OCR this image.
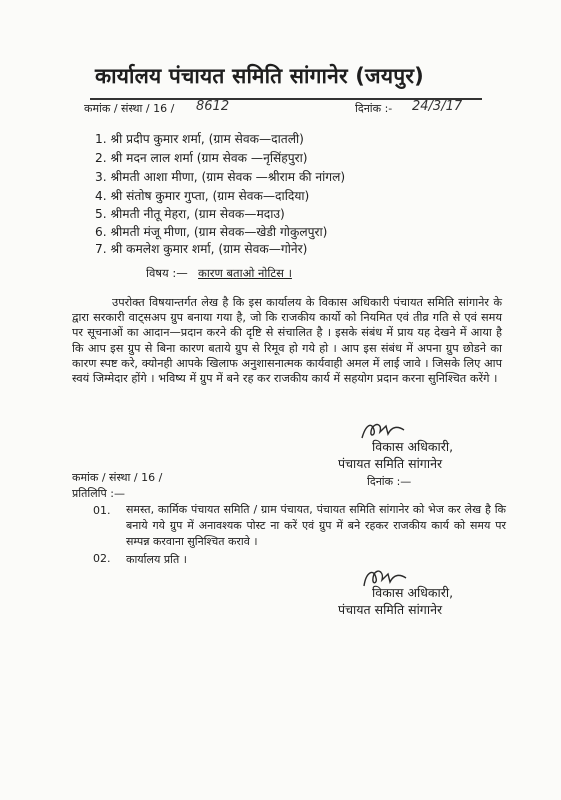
कार्यालय पंचायत समिति सांगानेर (जयपुर)
कमांक / संस्था / 16 / 8612	दिनांक :- 24/3/17
1. श्री प्रदीप कुमार शर्मा, (ग्राम सेवक—दातली)
2. श्री मदन लाल शर्मा (ग्राम सेवक —नृसिंहपुरा)
3. श्रीमती आशा मीणा, (ग्राम सेवक —श्रीराम की नांगल)
4. श्री संतोष कुमार गुप्ता, (ग्राम सेवक—दादिया)
5. श्रीमती नीतू मेहरा, (ग्राम सेवक—मदाउ)
6. श्रीमती मंजू मीणा, (ग्राम सेवक—खेडी गोकुलपुरा)
7. श्री कमलेश कुमार शर्मा, (ग्राम सेवक—गोनेर)
विषय :— कारण बताओ नोटिस ।
उपरोक्त विषयान्तर्गत लेख है कि इस कार्यालय के विकास अधिकारी पंचायत समिति सांगानेर के द्वारा सरकारी वाट्सअप ग्रुप बनाया गया है, जो कि राजकीय कार्यो को नियमित एवं तीव्र गति से एवं समय पर सूचनाओं का आदान—प्रदान करने की दृष्टि से संचालित है । इसके संबंध में प्राय यह देखने में आया है कि आप इस ग्रुप से बिना कारण बताये ग्रुप से रिमूव हो गये हो । आप इस संबंध में अपना ग्रुप छोडने का कारण स्पष्ट करे, क्योनही आपके खिलाफ अनुशासनात्मक कार्यवाही अमल में लाई जावे । जिसके लिए आप स्वयं जिम्मेदार होंगे । भविष्य में ग्रुप में बने रह कर राजकीय कार्य में सहयोग प्रदान करना सुनिश्चित करेंगे ।
विकास अधिकारी,
पंचायत समिति सांगानेर
दिनांक :—
कमांक / संस्था / 16 /
प्रतिलिपि :—
01. समस्त, कार्मिक पंचायत समिति / ग्राम पंचायत, पंचायत समिति सांगानेर को भेज कर लेख है कि बनाये गये ग्रुप में अनावश्यक पोस्ट ना करें एवं ग्रुप में बने रहकर राजकीय कार्य को समय पर सम्पन्न करवाना सुनिश्चित करावे ।
02. कार्यालय प्रति ।
विकास अधिकारी,
पंचायत समिति सांगानेर
